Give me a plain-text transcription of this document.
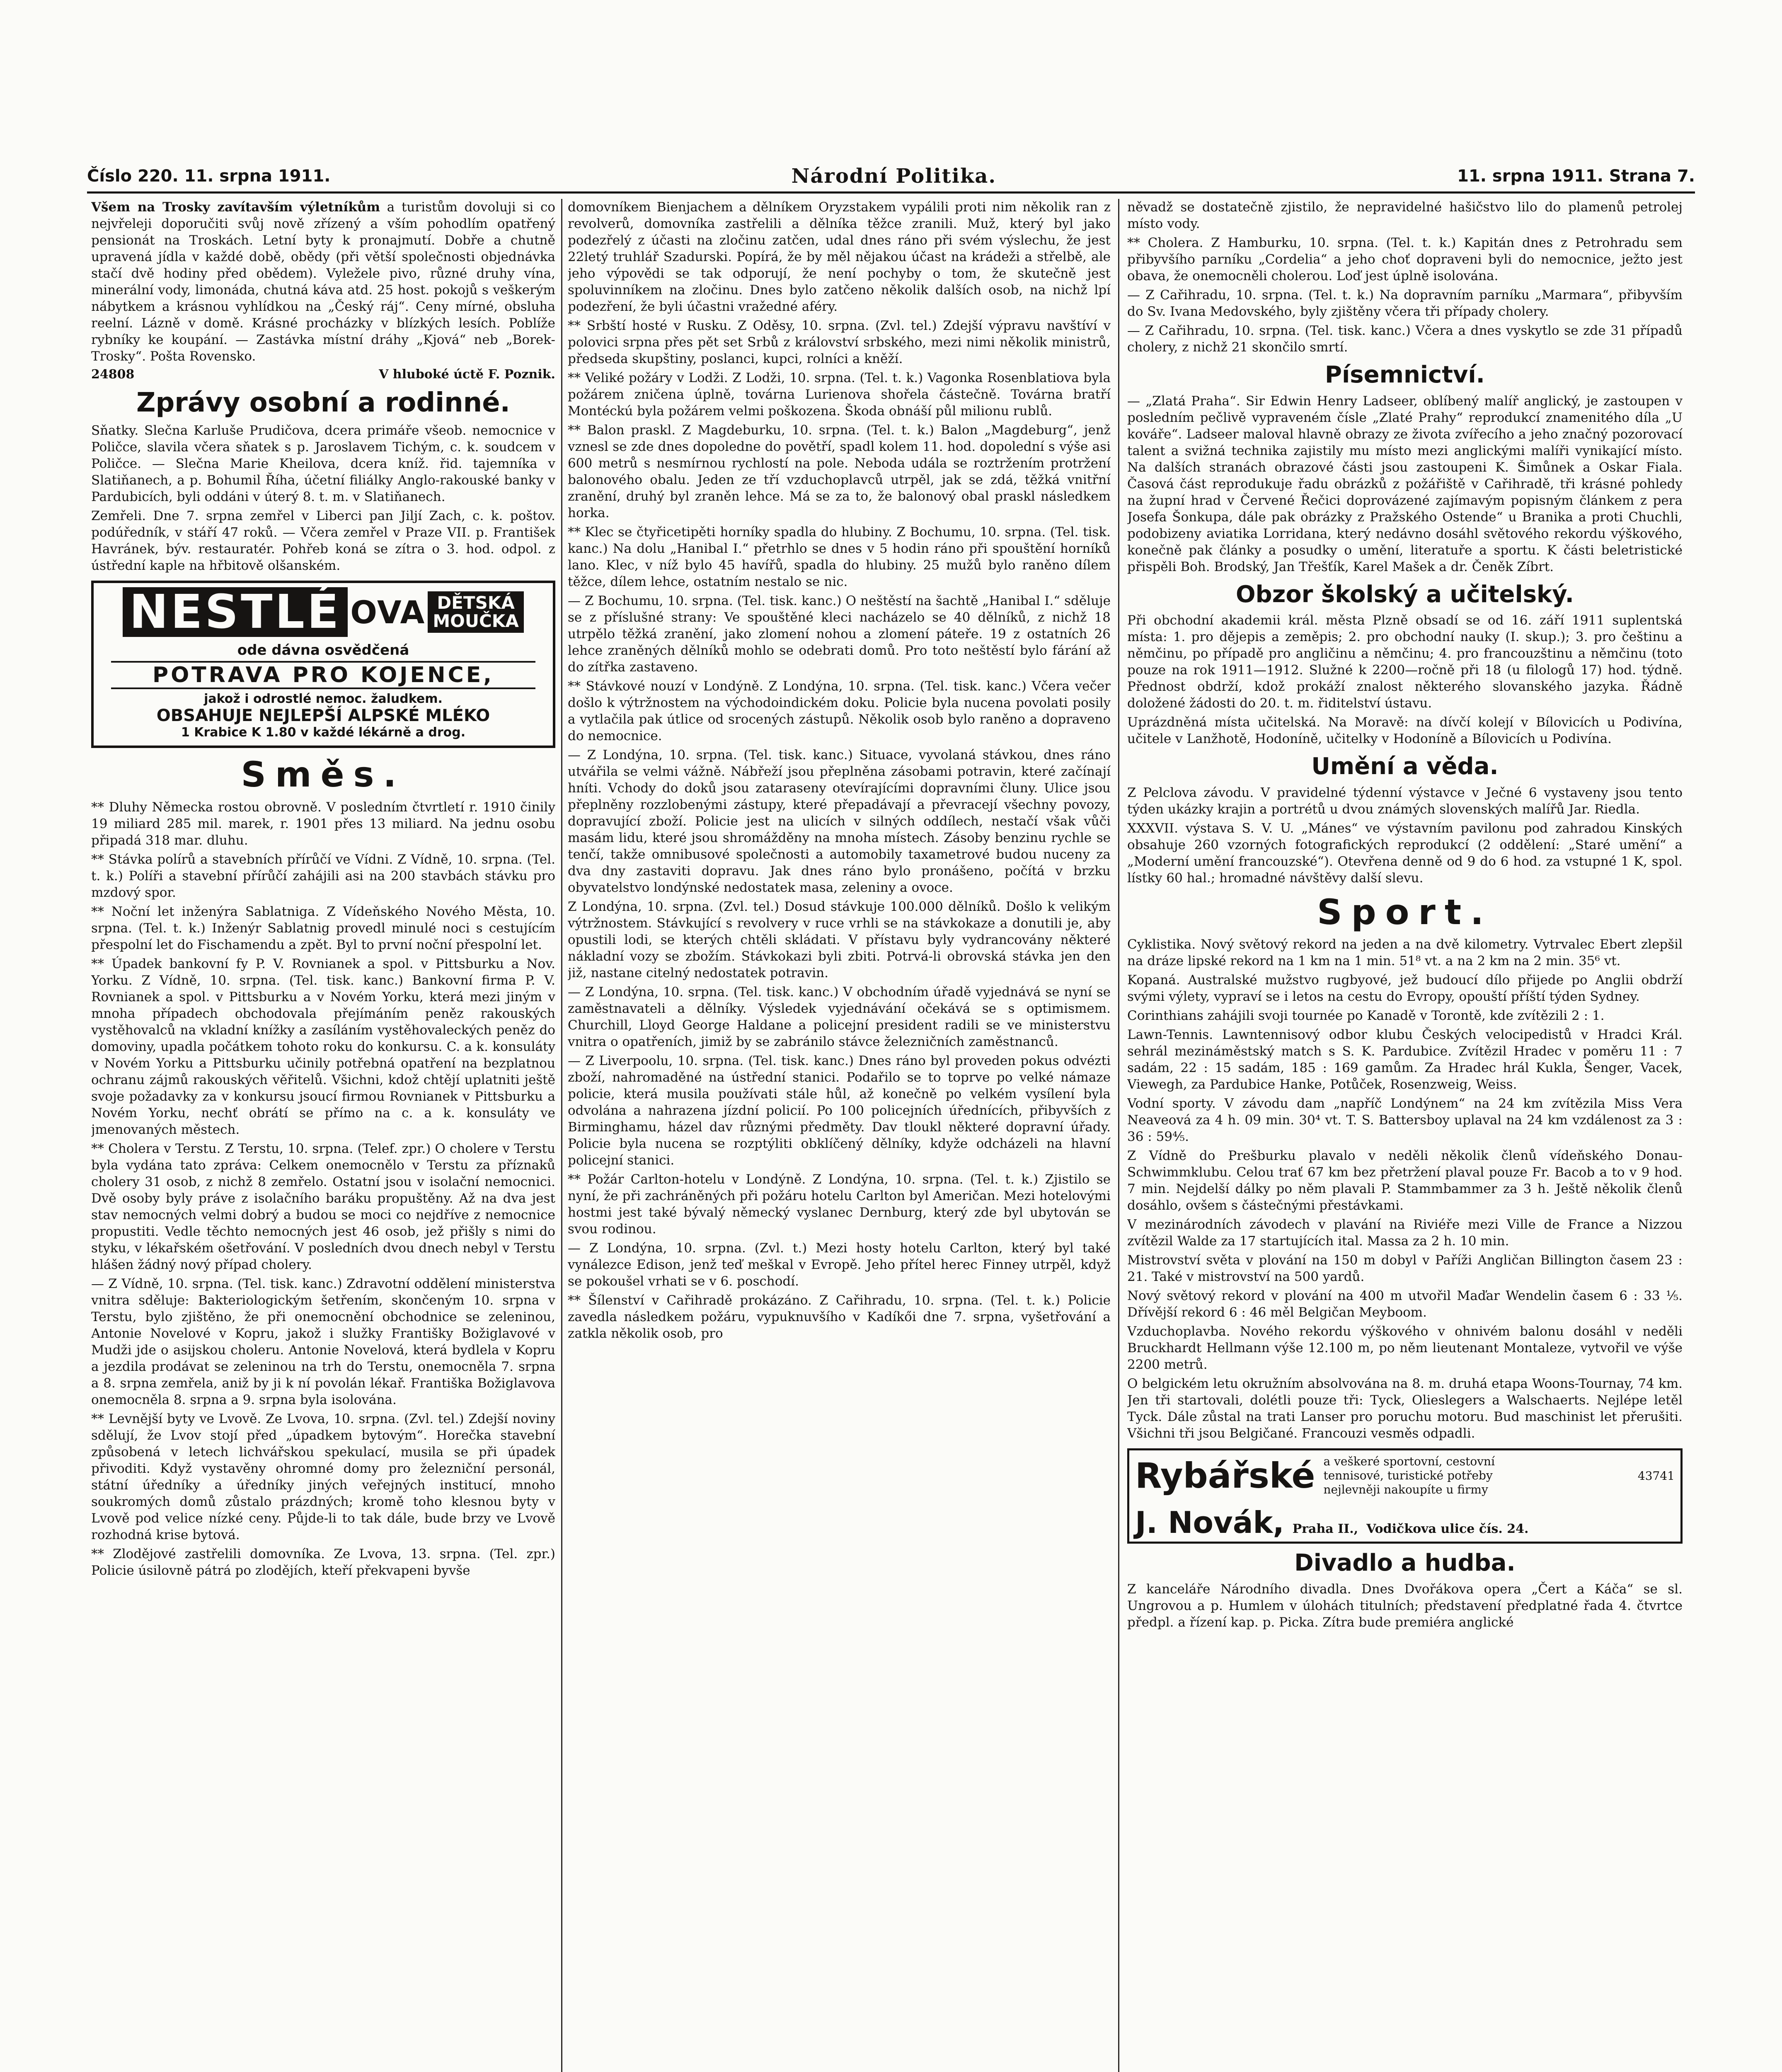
Číslo 220. 11. srpna 1911.	Národní Politika.	11. srpna 1911. Strana 7.

Všem na Trosky zavítavším výletníkům a turistům dovoluji si co nejvřeleji doporučiti svůj nově zřízený a vším pohodlím opatřený pensionát na Troskách. Letní byty k pronajmutí. Dobře a chutně upravená jídla v každé době, obědy (při větší společnosti objednávka stačí dvě hodiny před obědem). Vyležele pivo, různé druhy vína, minerální vody, limonáda, chutná káva atd. 25 host. pokojů s veškerým nábytkem a krásnou vyhlídkou na „Český ráj“. Ceny mírné, obsluha reelní. Lázně v domě. Krásné procházky v blízkých lesích. Poblíže rybníky ke koupání. — Zastávka místní dráhy „Kjová“ neb „Borek-Trosky“. Pošta Rovensko.

24808	V hluboké úctě F. Poznik.
Zprávy osobní a rodinné.

Sňatky. Slečna Karluše Prudičova, dcera primáře všeob. nemocnice v Poličce, slavila včera sňatek s p. Jaroslavem Tichým, c. k. soudcem v Poličce. — Slečna Marie Kheilova, dcera kníž. řid. tajemníka v Slatiňanech, a p. Bohumil Říha, účetní filiálky Anglo-rakouské banky v Pardubicích, byli oddáni v úterý 8. t. m. v Slatiňanech.

Zemřeli. Dne 7. srpna zemřel v Liberci pan Jiljí Zach, c. k. poštov. podúředník, v stáří 47 roků. — Včera zemřel v Praze VII. p. František Havránek, býv. restauratér. Pohřeb koná se zítra o 3. hod. odpol. z ústřední kaple na hřbitově olšanském.

NESTLÉ OVA DĚTSKÁ
MOUČKA
ode dávna osvědčená
POTRAVA PRO KOJENCE,
jakož i odrostlé nemoc. žaludkem.
OBSAHUJE NEJLEPŠÍ ALPSKÉ MLÉKO
1 Krabice K 1.80 v každé lékárně a drog.
Směs.

** Dluhy Německa rostou obrovně. V posledním čtvrtletí r. 1910 činily 19 miliard 285 mil. marek, r. 1901 přes 13 miliard. Na jednu osobu připadá 318 mar. dluhu.

** Stávka polírů a stavebních přírůčí ve Vídni. Z Vídně, 10. srpna. (Tel. t. k.) Políři a stavební přírůčí zahájili asi na 200 stavbách stávku pro mzdový spor.

** Noční let inženýra Sablatniga. Z Vídeňského Nového Města, 10. srpna. (Tel. t. k.) Inženýr Sablatnig provedl minulé noci s cestujícím přespolní let do Fischamendu a zpět. Byl to první noční přespolní let.

** Úpadek bankovní fy P. V. Rovnianek a spol. v Pittsburku a Nov. Yorku. Z Vídně, 10. srpna. (Tel. tisk. kanc.) Bankovní firma P. V. Rovnianek a spol. v Pittsburku a v Novém Yorku, která mezi jiným v mnoha případech obchodovala přejímáním peněz rakouských vystěhovalců na vkladní knížky a zasíláním vystěhovaleckých peněz do domoviny, upadla počátkem tohoto roku do konkursu. C. a k. konsuláty v Novém Yorku a Pittsburku učinily potřebná opatření na bezplatnou ochranu zájmů rakouských věřitelů. Všichni, kdož chtějí uplatniti ještě svoje požadavky za v konkursu jsoucí firmou Rovnianek v Pittsburku a Novém Yorku, nechť obrátí se přímo na c. a k. konsuláty ve jmenovaných městech.

** Cholera v Terstu. Z Terstu, 10. srpna. (Telef. zpr.) O cholere v Terstu byla vydána tato zpráva: Celkem onemocnělo v Terstu za příznaků cholery 31 osob, z nichž 8 zemřelo. Ostatní jsou v isolační nemocnici. Dvě osoby byly práve z isolačního baráku propuštěny. Až na dva jest stav nemocných velmi dobrý a budou se moci co nejdříve z nemocnice propustiti. Vedle těchto nemocných jest 46 osob, jež přišly s nimi do styku, v lékařském ošetřování. V posledních dvou dnech nebyl v Terstu hlášen žádný nový případ cholery.

— Z Vídně, 10. srpna. (Tel. tisk. kanc.) Zdravotní oddělení ministerstva vnitra sděluje: Bakteriologickým šetřením, skončeným 10. srpna v Terstu, bylo zjištěno, že při onemocnění obchodnice se zeleninou, Antonie Novelové v Kopru, jakož i služky Františky Božiglavové v Mudži jde o asijskou choleru. Antonie Novelová, která bydlela v Kopru a jezdila prodávat se zeleninou na trh do Terstu, onemocněla 7. srpna a 8. srpna zemřela, aniž by ji k ní povolán lékař. Františka Božiglavova onemocněla 8. srpna a 9. srpna byla isolována.

** Levnější byty ve Lvově. Ze Lvova, 10. srpna. (Zvl. tel.) Zdejší noviny sdělují, že Lvov stojí před „úpadkem bytovým“. Horečka stavební způsobená v letech lichvářskou spekulací, musila se při úpadek přivoditi. Když vystavěny ohromné domy pro železniční personál, státní úředníky a úředníky jiných veřejných institucí, mnoho soukromých domů zůstalo prázdných; kromě toho klesnou byty v Lvově pod velice nízké ceny. Půjde-li to tak dále, bude brzy ve Lvově rozhodná krise bytová.

** Zlodějové zastřelili domovníka. Ze Lvova, 13. srpna. (Tel. zpr.) Policie úsilovně pátrá po zlodějích, kteří překvapeni byvše

domovníkem Bienjachem a dělníkem Oryzstakem vypálili proti nim několik ran z revolverů, domovníka zastřelili a dělníka těžce zranili. Muž, který byl jako podezřelý z účasti na zločinu zatčen, udal dnes ráno při svém výslechu, že jest 22letý truhlář Szadurski. Popírá, že by měl nějakou účast na krádeži a střelbě, ale jeho výpovědi se tak odporují, že není pochyby o tom, že skutečně jest spoluvinníkem na zločinu. Dnes bylo zatčeno několik dalších osob, na nichž lpí podezření, že byli účastni vražedné aféry.

** Srbští hosté v Rusku. Z Oděsy, 10. srpna. (Zvl. tel.) Zdejší výpravu navštíví v polovici srpna přes pět set Srbů z království srbského, mezi nimi několik ministrů, předseda skupštiny, poslanci, kupci, rolníci a kněží.

** Veliké požáry v Lodži. Z Lodži, 10. srpna. (Tel. t. k.) Vagonka Rosenblatiova byla požárem zničena úplně, továrna Lurienova shořela částečně. Továrna bratří Montéckú byla požárem velmi poškozena. Škoda obnáší půl milionu rublů.

** Balon praskl. Z Magdeburku, 10. srpna. (Tel. t. k.) Balon „Magdeburg“, jenž vznesl se zde dnes dopoledne do povětří, spadl kolem 11. hod. dopolední s výše asi 600 metrů s nesmírnou rychlostí na pole. Neboda udála se roztržením protržení balonového obalu. Jeden ze tří vzduchoplavců utrpěl, jak se zdá, těžká vnitřní zranění, druhý byl zraněn lehce. Má se za to, že balonový obal praskl následkem horka.

** Klec se čtyřicetipěti horníky spadla do hlubiny. Z Bochumu, 10. srpna. (Tel. tisk. kanc.) Na dolu „Hanibal I.“ přetrhlo se dnes v 5 hodin ráno při spouštění horníků lano. Klec, v níž bylo 45 havířů, spadla do hlubiny. 25 mužů bylo raněno dílem těžce, dílem lehce, ostatním nestalo se nic.

— Z Bochumu, 10. srpna. (Tel. tisk. kanc.) O neštěstí na šachtě „Hanibal I.“ sděluje se z příslušné strany: Ve spouštěné kleci nacházelo se 40 dělníků, z nichž 18 utrpělo těžká zranění, jako zlomení nohou a zlomení páteře. 19 z ostatních 26 lehce zraněných dělníků mohlo se odebrati domů. Pro toto neštěstí bylo fárání až do zítřka zastaveno.

** Stávkové nouzí v Londýně. Z Londýna, 10. srpna. (Tel. tisk. kanc.) Včera večer došlo k výtržnostem na východoindickém doku. Policie byla nucena povolati posily a vytlačila pak útlice od srocených zástupů. Několik osob bylo raněno a dopraveno do nemocnice.

— Z Londýna, 10. srpna. (Tel. tisk. kanc.) Situace, vyvolaná stávkou, dnes ráno utvářila se velmi vážně. Nábřeží jsou přeplněna zásobami potravin, které začínají hníti. Vchody do doků jsou zataraseny otevírajícími dopravními čluny. Ulice jsou přeplněny rozzlobenými zástupy, které přepadávají a převracejí všechny povozy, dopravující zboží. Policie jest na ulicích v silných oddílech, nestačí však vůči masám lidu, které jsou shromážděny na mnoha místech. Zásoby benzinu rychle se tenčí, takže omnibusové společnosti a automobily taxametrové budou nuceny za dva dny zastaviti dopravu. Jak dnes ráno bylo pronášeno, počítá v brzku obyvatelstvo londýnské nedostatek masa, zeleniny a ovoce.

Z Londýna, 10. srpna. (Zvl. tel.) Dosud stávkuje 100.000 dělníků. Došlo k velikým výtržnostem. Stávkující s revolvery v ruce vrhli se na stávkokaze a donutili je, aby opustili lodi, se kterých chtěli skládati. V přístavu byly vydrancovány některé nákladní vozy se zbožím. Stávkokazi byli zbiti. Potrvá-li obrovská stávka jen den již, nastane citelný nedostatek potravin.

— Z Londýna, 10. srpna. (Tel. tisk. kanc.) V obchodním úřadě vyjednává se nyní se zaměstnavateli a dělníky. Výsledek vyjednávání očekává se s optimismem. Churchill, Lloyd George Haldane a policejní president radili se ve ministerstvu vnitra o opatřeních, jimiž by se zabránilo stávce železničních zaměstnanců.

— Z Liverpoolu, 10. srpna. (Tel. tisk. kanc.) Dnes ráno byl proveden pokus odvézti zboží, nahromaděné na ústřední stanici. Podařilo se to toprve po velké námaze policie, která musila používati stále hůl, až konečně po velkém vysílení byla odvolána a nahrazena jízdní policií. Po 100 policejních úřednících, přibyvších z Birminghamu, házel dav různými předměty. Dav tloukl některé dopravní úřady. Policie byla nucena se rozptýliti obklíčený dělníky, kdyže odcházeli na hlavní policejní stanici.

** Požár Carlton-hotelu v Londýně. Z Londýna, 10. srpna. (Tel. t. k.) Zjistilo se nyní, že při zachráněných při požáru hotelu Carlton byl Američan. Mezi hotelovými hostmi jest také bývalý německý vyslanec Dernburg, který zde byl ubytován se svou rodinou.

— Z Londýna, 10. srpna. (Zvl. t.) Mezi hosty hotelu Carlton, který byl také vynálezce Edison, jenž teď meškal v Evropě. Jeho přítel herec Finney utrpěl, když se pokoušel vrhati se v 6. poschodí.

** Šílenství v Cařihradě prokázáno. Z Cařihradu, 10. srpna. (Tel. t. k.) Policie zavedla následkem požáru, vypuknuvšího v Kadíkői dne 7. srpna, vyšetřování a zatkla několik osob, pro

něvadž se dostatečně zjistilo, že nepravidelné hašičstvo lilo do plamenů petrolej místo vody.

** Cholera. Z Hamburku, 10. srpna. (Tel. t. k.) Kapitán dnes z Petrohradu sem přibyvšího parníku „Cordelia“ a jeho choť dopraveni byli do nemocnice, ježto jest obava, že onemocněli cholerou. Loď jest úplně isolována.

— Z Cařihradu, 10. srpna. (Tel. t. k.) Na dopravním parníku „Marmara“, přibyvším do Sv. Ivana Medovského, byly zjištěny včera tři případy cholery.

— Z Cařihradu, 10. srpna. (Tel. tisk. kanc.) Včera a dnes vyskytlo se zde 31 případů cholery, z nichž 21 skončilo smrtí.

Písemnictví.

— „Zlatá Praha“. Sir Edwin Henry Ladseer, oblíbený malíř anglický, je zastoupen v posledním pečlivě vypraveném čísle „Zlaté Prahy“ reprodukcí znamenitého díla „U kováře“. Ladseer maloval hlavně obrazy ze života zvířecího a jeho značný pozorovací talent a svižná technika zajistily mu místo mezi anglickými malíři vynikající místo. Na dalších stranách obrazové části jsou zastoupeni K. Šimůnek a Oskar Fiala. Časová část reprodukuje řadu obrázků z požářiště v Cařihradě, tři krásné pohledy na župní hrad v Červené Řečici doprovázené zajímavým popisným článkem z pera Josefa Šonkupa, dále pak obrázky z Pražského Ostende“ u Branika a proti Chuchli, podobizeny aviatika Lorridana, který nedávno dosáhl světového rekordu výškového, konečně pak články a posudky o umění, literatuře a sportu. K části beletristické přispěli Boh. Brodský, Jan Třešťík, Karel Mašek a dr. Čeněk Zíbrt.

Obzor školský a učitelský.

Při obchodní akademii král. města Plzně obsadí se od 16. září 1911 suplentská místa: 1. pro dějepis a zeměpis; 2. pro obchodní nauky (I. skup.); 3. pro češtinu a němčinu, po případě pro angličinu a němčinu; 4. pro francouzštinu a němčinu (toto pouze na rok 1911—1912. Služné k 2200—ročně při 18 (u filologů 17) hod. týdně. Přednost obdrží, kdož prokáží znalost některého slovanského jazyka. Řádně doložené žádosti do 20. t. m. řiditelství ústavu.

Uprázdněná místa učitelská. Na Moravě: na dívčí kolejí v Bílovicích u Podivína, učitele v Lanžhotě, Hodoníně, učitelky v Hodoníně a Bílovicích u Podivína.

Umění a věda.

Z Pelclova závodu. V pravidelné týdenní výstavce v Ječné 6 vystaveny jsou tento týden ukázky krajin a portrétů u dvou známých slovenských malířů Jar. Riedla.

XXXVII. výstava S. V. U. „Mánes“ ve výstavním pavilonu pod zahradou Kinských obsahuje 260 vzorných fotografických reprodukcí (2 oddělení: „Staré umění“ a „Moderní umění francouzské“). Otevřena denně od 9 do 6 hod. za vstupné 1 K, spol. lístky 60 hal.; hromadné návštěvy další slevu.

Sport.

Cyklistika. Nový světový rekord na jeden a na dvě kilometry. Vytrvalec Ebert zlepšil na dráze lipské rekord na 1 km na 1 min. 51⁸ vt. a na 2 km na 2 min. 35⁶ vt.

Kopaná. Australské mužstvo rugbyové, jež budoucí dílo přijede po Anglii obdrží svými výlety, vypraví se i letos na cestu do Evropy, opouští příští týden Sydney.

Corinthians zahájili svoji tournée po Kanadě v Torontě, kde zvítězili 2 : 1.

Lawn-Tennis. Lawntennisový odbor klubu Českých velocipedistů v Hradci Král. sehrál mezináměstský match s S. K. Pardubice. Zvítězil Hradec v poměru 11 : 7 sadám, 22 : 15 sadám, 185 : 169 gamům. Za Hradec hrál Kukla, Šenger, Vacek, Viewegh, za Pardubice Hanke, Potůček, Rosenzweig, Weiss.

Vodní sporty. V závodu dam „napříč Londýnem“ na 24 km zvítězila Miss Vera Neaveová za 4 h. 09 min. 30⁴ vt. T. S. Battersboy uplaval na 24 km vzdálenost za 3 : 36 : 59⁴⁄₅.

Z Vídně do Prešburku plavalo v neděli několik členů vídeňského Donau-Schwimmklubu. Celou trať 67 km bez přetržení plaval pouze Fr. Bacob a to v 9 hod. 7 min. Nejdelší dálky po něm plavali P. Stammbammer za 3 h. Ještě několik členů dosáhlo, ovšem s částečnými přestávkami.

V mezinárodních závodech v plavání na Riviéře mezi Ville de France a Nizzou zvítězil Walde za 17 startujících ital. Massa za 2 h. 10 min.

Mistrovství světa v plování na 150 m dobyl v Paříži Angličan Billington časem 23 : 21. Také v mistrovství na 500 yardů.

Nový světový rekord v plování na 400 m utvořil Maďar Wendelin časem 6 : 33 ⅕. Dřívější rekord 6 : 46 měl Belgičan Meyboom.

Vzduchoplavba. Nového rekordu výškového v ohnivém balonu dosáhl v neděli Bruckhardt Hellmann výše 12.100 m, po něm lieutenant Montaleze, vytvořil ve výše 2200 metrů.

O belgickém letu okružním absolvována na 8. m. druhá etapa Woons-Tournay, 74 km. Jen tři startovali, dolétli pouze tři: Tyck, Olieslegers a Walschaerts. Nejlépe letěl Tyck. Dále zůstal na trati Lanser pro poruchu motoru. Bud maschinist let přerušiti. Všichni tři jsou Belgičané. Francouzi vesměs odpadli.

Rybářské a veškeré sportovní, cestovní
tennisové, turistické potřeby
nejlevněji nakoupíte u firmy
43741
J. Novák, Praha II., Vodičkova ulice čís. 24.
Divadlo a hudba.

Z kanceláře Národního divadla. Dnes Dvořákova opera „Čert a Káča“ se sl. Ungrovou a p. Humlem v úlohách titulních; představení předplatné řada 4. čtvrtce předpl. a řízení kap. p. Picka. Zítra bude premiéra anglické
